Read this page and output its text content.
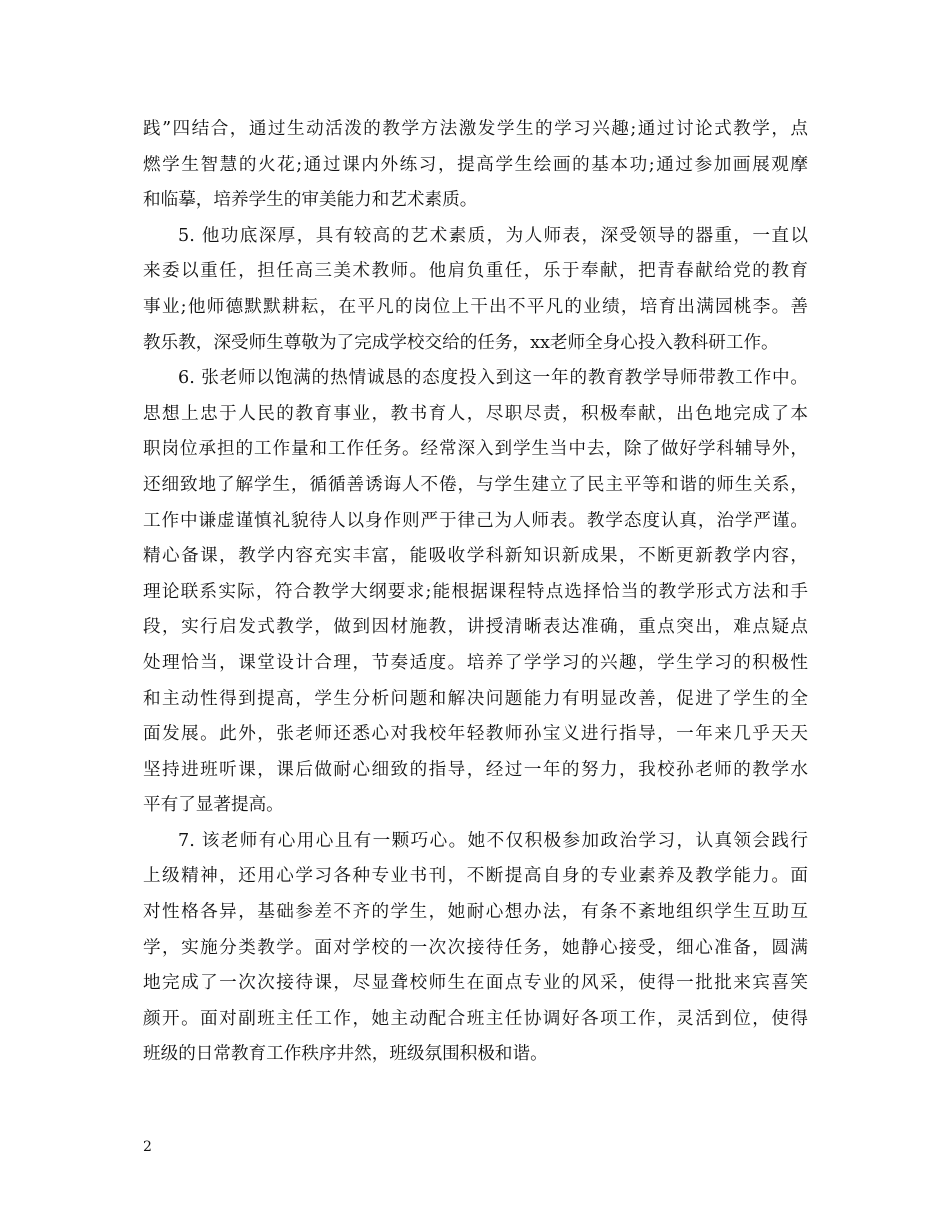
践”四结合，通过生动活泼的教学方法激发学生的学习兴趣;通过讨论式教学，点
燃学生智慧的火花;通过课内外练习，提高学生绘画的基本功;通过参加画展观摩
和临摹，培养学生的审美能力和艺术素质。
5. 他功底深厚，具有较高的艺术素质，为人师表，深受领导的器重，一直以
来委以重任，担任高三美术教师。他肩负重任，乐于奉献，把青春献给党的教育
事业;他师德默默耕耘，在平凡的岗位上干出不平凡的业绩，培育出满园桃李。善
教乐教，深受师生尊敬为了完成学校交给的任务，xx老师全身心投入教科研工作。
6. 张老师以饱满的热情诚恳的态度投入到这一年的教育教学导师带教工作中。
思想上忠于人民的教育事业，教书育人，尽职尽责，积极奉献，出色地完成了本
职岗位承担的工作量和工作任务。经常深入到学生当中去，除了做好学科辅导外，
还细致地了解学生，循循善诱诲人不倦，与学生建立了民主平等和谐的师生关系，
工作中谦虚谨慎礼貌待人以身作则严于律己为人师表。教学态度认真，治学严谨。
精心备课，教学内容充实丰富，能吸收学科新知识新成果，不断更新教学内容，
理论联系实际，符合教学大纲要求;能根据课程特点选择恰当的教学形式方法和手
段，实行启发式教学，做到因材施教，讲授清晰表达准确，重点突出，难点疑点
处理恰当，课堂设计合理，节奏适度。培养了学学习的兴趣，学生学习的积极性
和主动性得到提高，学生分析问题和解决问题能力有明显改善，促进了学生的全
面发展。此外，张老师还悉心对我校年轻教师孙宝义进行指导，一年来几乎天天
坚持进班听课，课后做耐心细致的指导，经过一年的努力，我校孙老师的教学水
平有了显著提高。
7. 该老师有心用心且有一颗巧心。她不仅积极参加政治学习，认真领会践行
上级精神，还用心学习各种专业书刊，不断提高自身的专业素养及教学能力。面
对性格各异，基础参差不齐的学生，她耐心想办法，有条不紊地组织学生互助互
学，实施分类教学。面对学校的一次次接待任务，她静心接受，细心准备，圆满
地完成了一次次接待课，尽显聋校师生在面点专业的风采，使得一批批来宾喜笑
颜开。面对副班主任工作，她主动配合班主任协调好各项工作，灵活到位，使得
班级的日常教育工作秩序井然，班级氛围积极和谐。
2
